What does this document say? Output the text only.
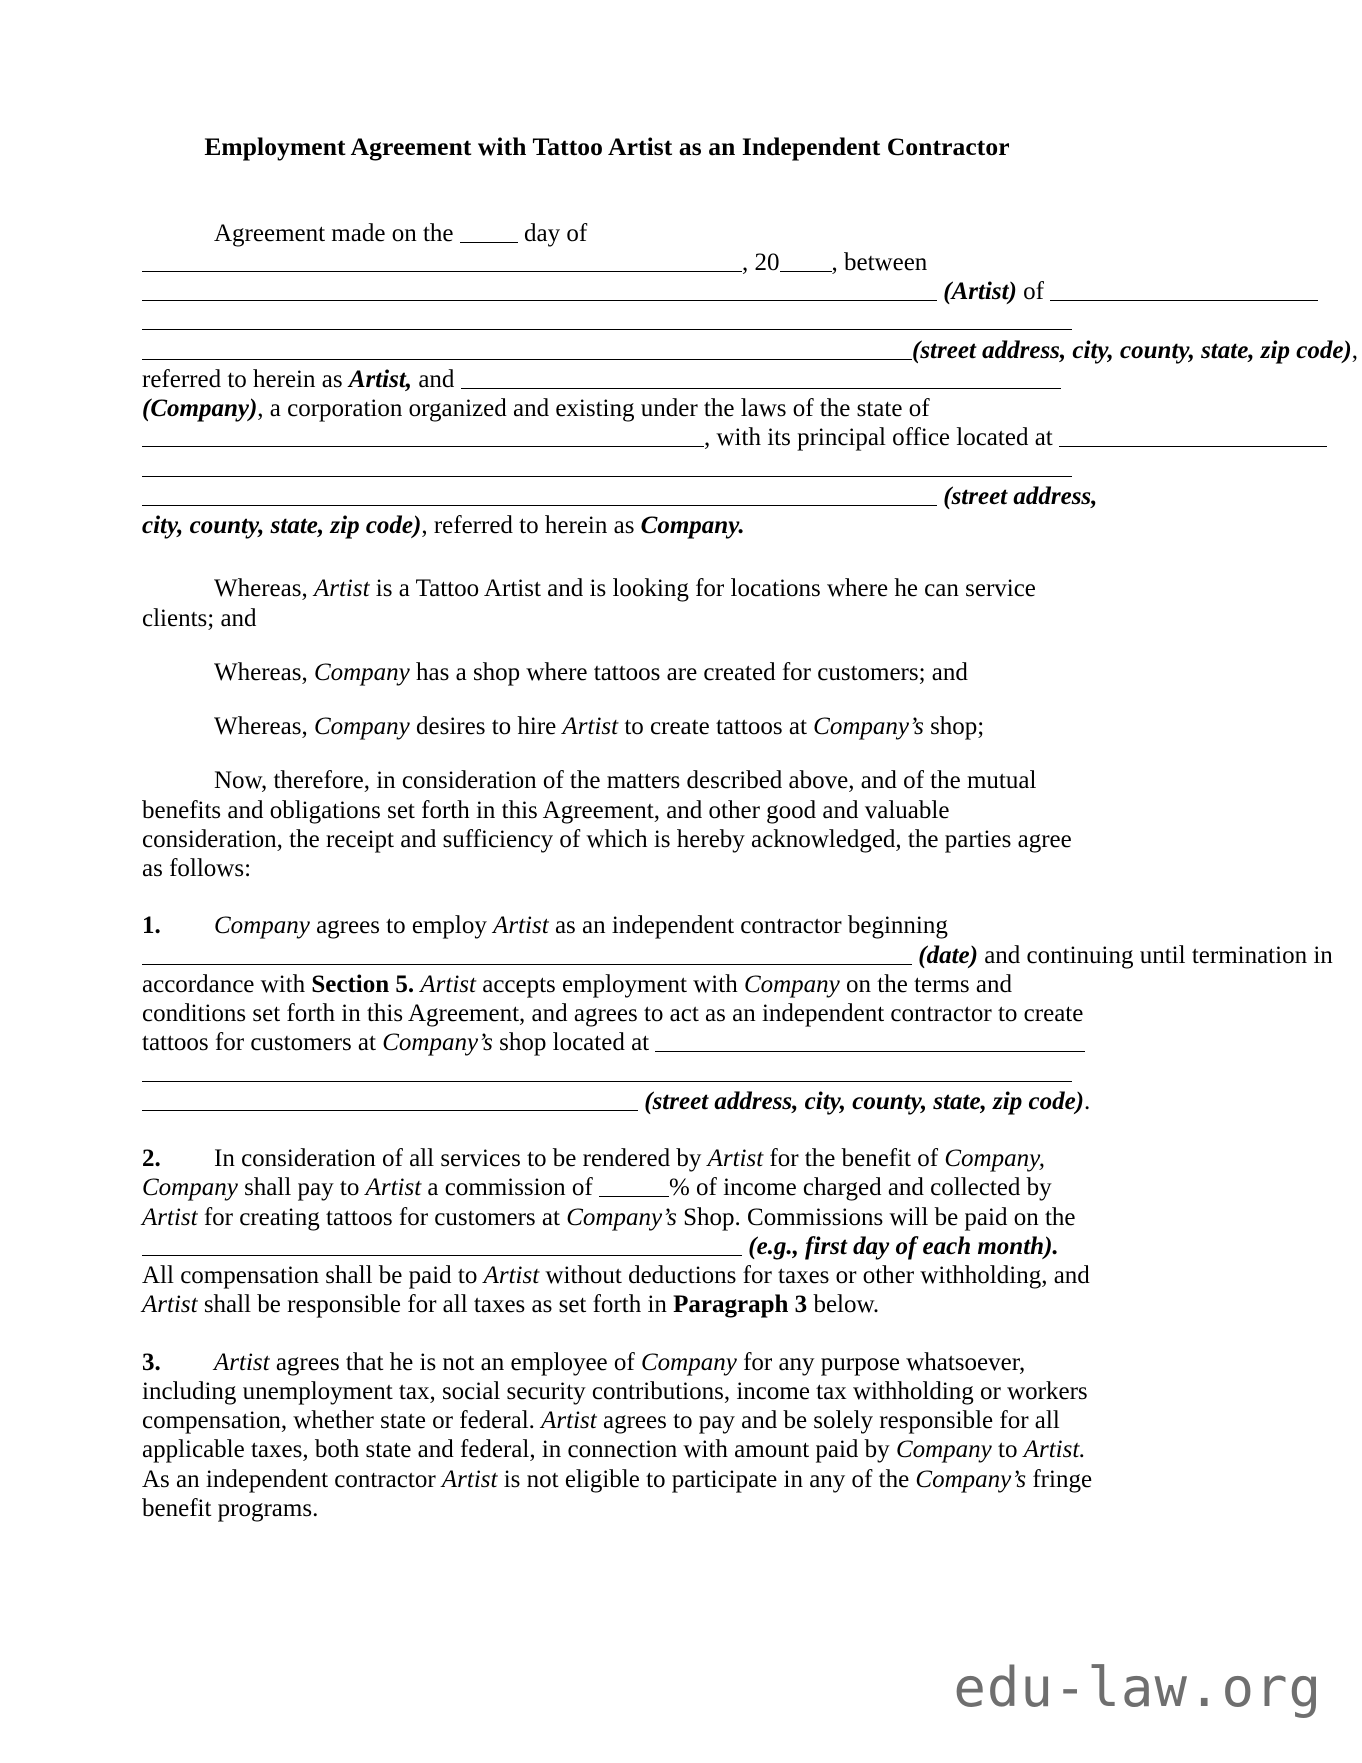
Employment Agreement with Tattoo Artist as an Independent Contractor
Agreement made on the	day of , 20 , between
(Artist) of
(street address, city, county, state, zip code),
referred to herein as Artist, and
(Company), a corporation organized and existing under the laws of the state of
, with its principal office located at
(street address,
city, county, state, zip code), referred to herein as Company.

Whereas, Artist is a Tattoo Artist and is looking for locations where he can service clients; and

Whereas, Company has a shop where tattoos are created for customers; and

Whereas, Company desires to hire Artist to create tattoos at Company’s shop;

Now, therefore, in consideration of the matters described above, and of the mutual benefits and obligations set forth in this Agreement, and other good and valuable consideration, the receipt and sufficiency of which is hereby acknowledged, the parties agree as follows:

1. Company agrees to employ Artist as an independent contractor beginning
(date) and continuing until termination in
accordance with Section 5. Artist accepts employment with Company on the terms and
conditions set forth in this Agreement, and agrees to act as an independent contractor to create
tattoos for customers at Company’s shop located at
(street address, city, county, state, zip code).
2. In consideration of all services to be rendered by Artist for the benefit of Company,
Company shall pay to Artist a commission of	% of income charged and collected by
Artist for creating tattoos for customers at Company’s Shop. Commissions will be paid on the
(e.g., first day of each month).
All compensation shall be paid to Artist without deductions for taxes or other withholding, and
Artist shall be responsible for all taxes as set forth in Paragraph 3 below.
3. Artist agrees that he is not an employee of Company for any purpose whatsoever,
including unemployment tax, social security contributions, income tax withholding or workers
compensation, whether state or federal. Artist agrees to pay and be solely responsible for all
applicable taxes, both state and federal, in connection with amount paid by Company to Artist.
As an independent contractor Artist is not eligible to participate in any of the Company’s fringe
benefit programs.
edu-law.org
